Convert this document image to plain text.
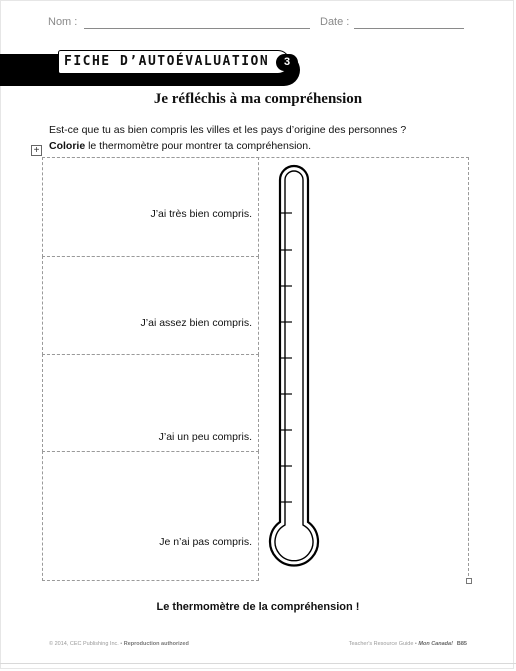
Nom :	Date :
FICHE D’AUTOÉVALUATION	3
Je réfléchis à ma compréhension
Est-ce que tu as bien compris les villes et les pays d’origine des personnes ?
Colorie le thermomètre pour montrer ta compréhension.
+
J’ai très bien compris.
J’ai assez bien compris.
J’ai un peu compris.
Je n’ai pas compris.
Le thermomètre de la compréhension !
© 2014, CEC Publishing Inc. • Reproduction authorized	Teacher's Resource Guide • Mon Canada! B85
